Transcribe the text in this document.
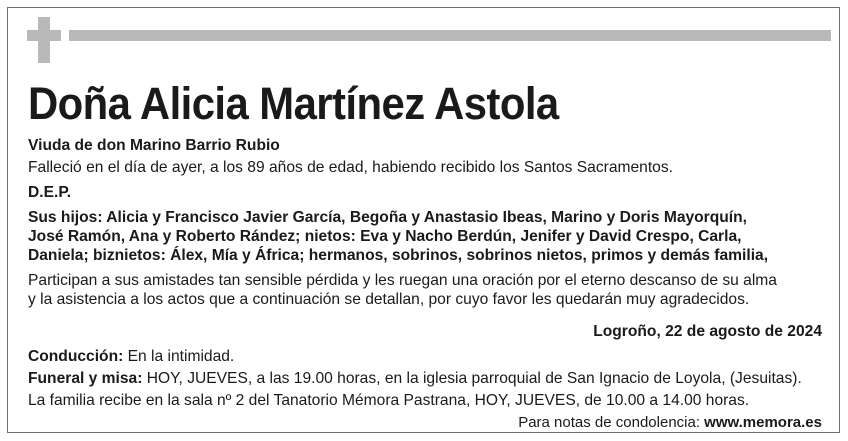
Doña Alicia Martínez Astola

Viuda de don Marino Barrio Rubio

Falleció en el día de ayer, a los 89 años de edad, habiendo recibido los Santos Sacramentos.

D.E.P.

Sus hijos: Alicia y Francisco Javier García, Begoña y Anastasio Ibeas, Marino y Doris Mayorquín,

José Ramón, Ana y Roberto Rández; nietos: Eva y Nacho Berdún, Jenifer y David Crespo, Carla,

Daniela; biznietos: Álex, Mía y África; hermanos, sobrinos, sobrinos nietos, primos y demás familia,

Participan a sus amistades tan sensible pérdida y les ruegan una oración por el eterno descanso de su alma

y la asistencia a los actos que a continuación se detallan, por cuyo favor les quedarán muy agradecidos.

Logroño, 22 de agosto de 2024

Conducción: En la intimidad.

Funeral y misa: HOY, JUEVES, a las 19.00 horas, en la iglesia parroquial de San Ignacio de Loyola, (Jesuitas).

La familia recibe en la sala nº 2 del Tanatorio Mémora Pastrana, HOY, JUEVES, de 10.00 a 14.00 horas.

Para notas de condolencia: www.memora.es
